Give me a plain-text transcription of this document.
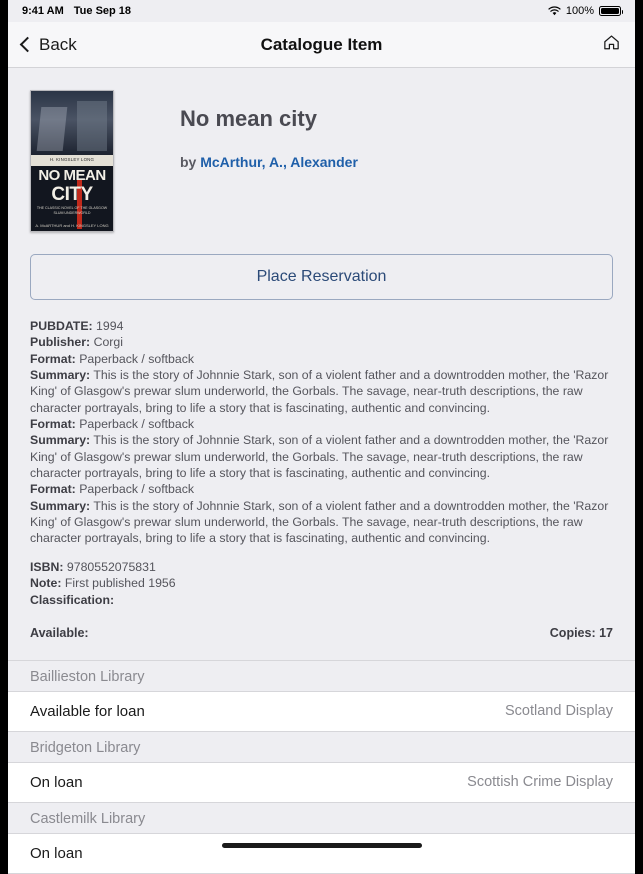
9:41 AM Tue Sep 18	100%
Back	Catalogue Item
H. KINGSLEY LONG
NO MEAN
CITY
THE CLASSIC NOVEL OF THE GLASGOW SLUM UNDERWORLD
A. McARTHUR and H. KINGSLEY LONG
No mean city
by McArthur, A., Alexander
Place Reservation

PUBDATE: 1994

Publisher: Corgi

Format: Paperback / softback

Summary: This is the story of Johnnie Stark, son of a violent father and a downtrodden mother, the 'Razor King' of Glasgow's prewar slum underworld, the Gorbals. The savage, near-truth descriptions, the raw character portrayals, bring to life a story that is fascinating, authentic and convincing.

Format: Paperback / softback

Summary: This is the story of Johnnie Stark, son of a violent father and a downtrodden mother, the 'Razor King' of Glasgow's prewar slum underworld, the Gorbals. The savage, near-truth descriptions, the raw character portrayals, bring to life a story that is fascinating, authentic and convincing.

Format: Paperback / softback

Summary: This is the story of Johnnie Stark, son of a violent father and a downtrodden mother, the 'Razor King' of Glasgow's prewar slum underworld, the Gorbals. The savage, near-truth descriptions, the raw character portrayals, bring to life a story that is fascinating, authentic and convincing.

ISBN: 9780552075831

Note: First published 1956

Classification:

Available:	Copies: 17
Baillieston Library
Available for loan	Scotland Display
Bridgeton Library
On loan	Scottish Crime Display
Castlemilk Library
On loan
